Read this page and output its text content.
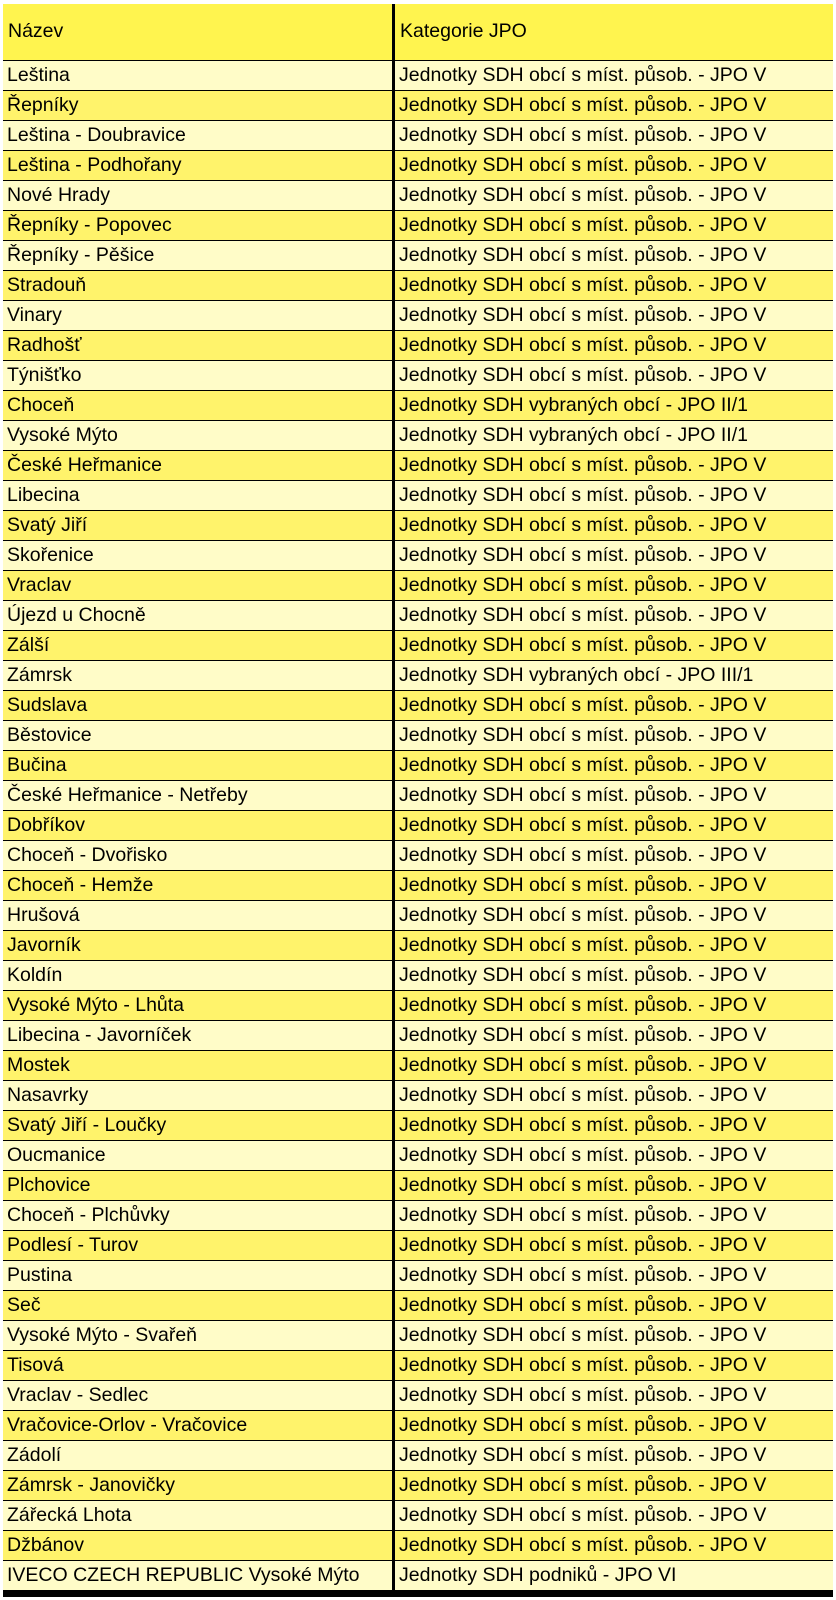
Název	Kategorie JPO
Leština	Jednotky SDH obcí s míst. působ. - JPO V
Řepníky	Jednotky SDH obcí s míst. působ. - JPO V
Leština - Doubravice	Jednotky SDH obcí s míst. působ. - JPO V
Leština - Podhořany	Jednotky SDH obcí s míst. působ. - JPO V
Nové Hrady	Jednotky SDH obcí s míst. působ. - JPO V
Řepníky - Popovec	Jednotky SDH obcí s míst. působ. - JPO V
Řepníky - Pěšice	Jednotky SDH obcí s míst. působ. - JPO V
Stradouň	Jednotky SDH obcí s míst. působ. - JPO V
Vinary	Jednotky SDH obcí s míst. působ. - JPO V
Radhošť	Jednotky SDH obcí s míst. působ. - JPO V
Týnišťko	Jednotky SDH obcí s míst. působ. - JPO V
Choceň	Jednotky SDH vybraných obcí - JPO II/1
Vysoké Mýto	Jednotky SDH vybraných obcí - JPO II/1
České Heřmanice	Jednotky SDH obcí s míst. působ. - JPO V
Libecina	Jednotky SDH obcí s míst. působ. - JPO V
Svatý Jiří	Jednotky SDH obcí s míst. působ. - JPO V
Skořenice	Jednotky SDH obcí s míst. působ. - JPO V
Vraclav	Jednotky SDH obcí s míst. působ. - JPO V
Újezd u Chocně	Jednotky SDH obcí s míst. působ. - JPO V
Zálší	Jednotky SDH obcí s míst. působ. - JPO V
Zámrsk	Jednotky SDH vybraných obcí - JPO III/1
Sudslava	Jednotky SDH obcí s míst. působ. - JPO V
Běstovice	Jednotky SDH obcí s míst. působ. - JPO V
Bučina	Jednotky SDH obcí s míst. působ. - JPO V
České Heřmanice - Netřeby	Jednotky SDH obcí s míst. působ. - JPO V
Dobříkov	Jednotky SDH obcí s míst. působ. - JPO V
Choceň - Dvořisko	Jednotky SDH obcí s míst. působ. - JPO V
Choceň - Hemže	Jednotky SDH obcí s míst. působ. - JPO V
Hrušová	Jednotky SDH obcí s míst. působ. - JPO V
Javorník	Jednotky SDH obcí s míst. působ. - JPO V
Koldín	Jednotky SDH obcí s míst. působ. - JPO V
Vysoké Mýto - Lhůta	Jednotky SDH obcí s míst. působ. - JPO V
Libecina - Javorníček	Jednotky SDH obcí s míst. působ. - JPO V
Mostek	Jednotky SDH obcí s míst. působ. - JPO V
Nasavrky	Jednotky SDH obcí s míst. působ. - JPO V
Svatý Jiří - Loučky	Jednotky SDH obcí s míst. působ. - JPO V
Oucmanice	Jednotky SDH obcí s míst. působ. - JPO V
Plchovice	Jednotky SDH obcí s míst. působ. - JPO V
Choceň - Plchůvky	Jednotky SDH obcí s míst. působ. - JPO V
Podlesí - Turov	Jednotky SDH obcí s míst. působ. - JPO V
Pustina	Jednotky SDH obcí s míst. působ. - JPO V
Seč	Jednotky SDH obcí s míst. působ. - JPO V
Vysoké Mýto - Svařeň	Jednotky SDH obcí s míst. působ. - JPO V
Tisová	Jednotky SDH obcí s míst. působ. - JPO V
Vraclav - Sedlec	Jednotky SDH obcí s míst. působ. - JPO V
Vračovice-Orlov - Vračovice	Jednotky SDH obcí s míst. působ. - JPO V
Zádolí	Jednotky SDH obcí s míst. působ. - JPO V
Zámrsk - Janovičky	Jednotky SDH obcí s míst. působ. - JPO V
Zářecká Lhota	Jednotky SDH obcí s míst. působ. - JPO V
Džbánov	Jednotky SDH obcí s míst. působ. - JPO V
IVECO CZECH REPUBLIC Vysoké Mýto	Jednotky SDH podniků - JPO VI
